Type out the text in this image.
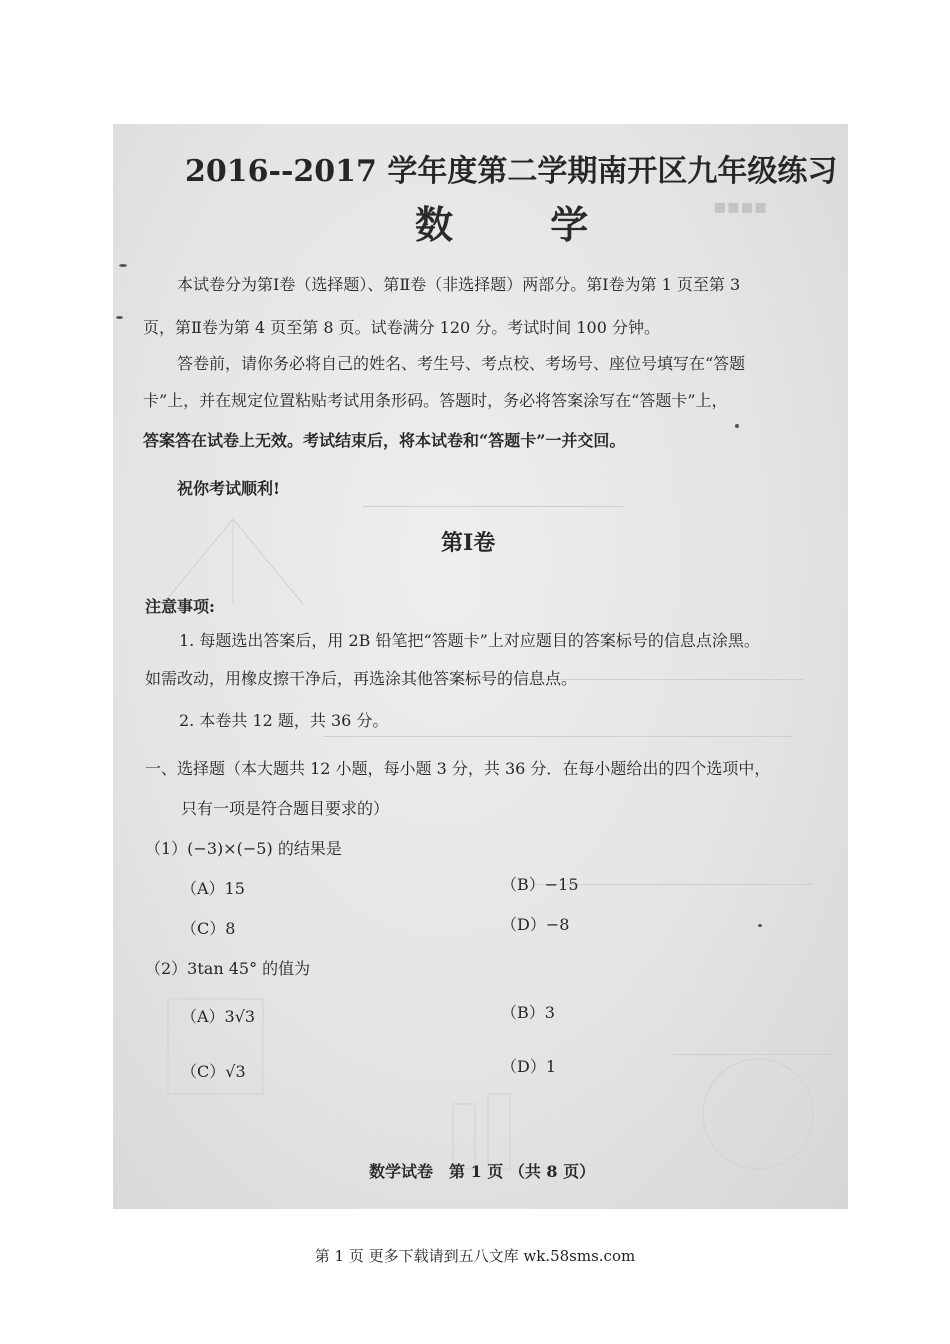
▪▪▪▪
2016--2017 学年度第二学期南开区九年级练习
数 学
本试卷分为第Ⅰ卷（选择题）、第Ⅱ卷（非选择题）两部分。第Ⅰ卷为第 1 页至第 3
页，第Ⅱ卷为第 4 页至第 8 页。试卷满分 120 分。考试时间 100 分钟。
答卷前，请你务必将自己的姓名、考生号、考点校、考场号、座位号填写在“答题
卡”上，并在规定位置粘贴考试用条形码。答题时，务必将答案涂写在“答题卡”上，
答案答在试卷上无效。考试结束后，将本试卷和“答题卡”一并交回。
祝你考试顺利!
第Ⅰ卷
注意事项:
1. 每题选出答案后，用 2B 铅笔把“答题卡”上对应题目的答案标号的信息点涂黑。
如需改动，用橡皮擦干净后，再选涂其他答案标号的信息点。
2. 本卷共 12 题，共 36 分。
一、选择题（本大题共 12 小题，每小题 3 分，共 36 分．在每小题给出的四个选项中，
只有一项是符合题目要求的）
（1）(−3)×(−5) 的结果是
（A）15	（B）−15
（C）8	（D）−8
（2）3tan 45° 的值为
（A）3√3	（B）3
（C）√3	（D）1
数学试卷　第 1 页 （共 8 页）
第 1 页 更多下载请到五八文库 wk.58sms.com
